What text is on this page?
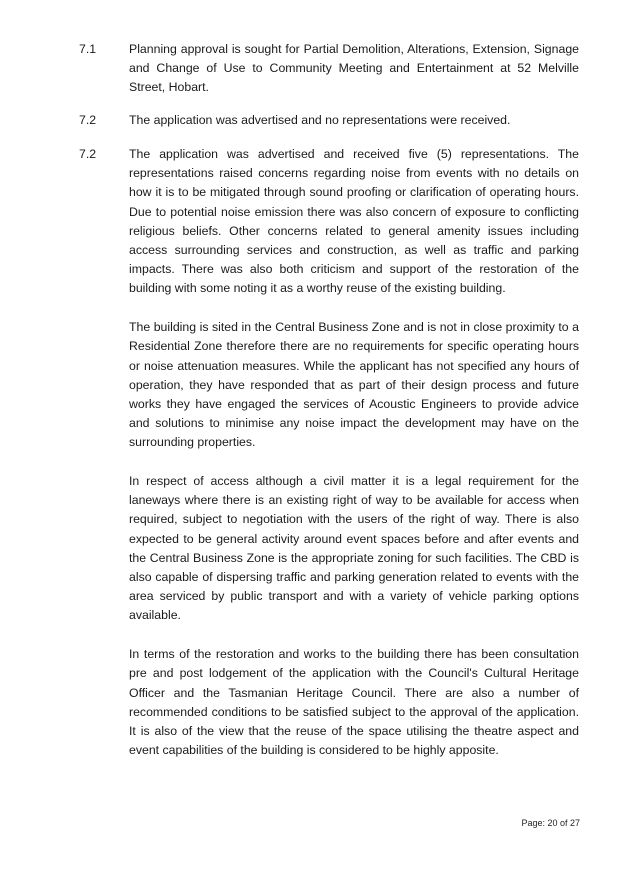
7.1	Planning approval is sought for Partial Demolition, Alterations, Extension, Signage and Change of Use to Community Meeting and Entertainment at 52 Melville Street, Hobart.

7.2	The application was advertised and no representations were received.

7.2	The application was advertised and received five (5) representations. The representations raised concerns regarding noise from events with no details on how it is to be mitigated through sound proofing or clarification of operating hours. Due to potential noise emission there was also concern of exposure to conflicting religious beliefs. Other concerns related to general amenity issues including access surrounding services and construction, as well as traffic and parking impacts. There was also both criticism and support of the restoration of the building with some noting it as a worthy reuse of the existing building.

The building is sited in the Central Business Zone and is not in close proximity to a Residential Zone therefore there are no requirements for specific operating hours or noise attenuation measures. While the applicant has not specified any hours of operation, they have responded that as part of their design process and future works they have engaged the services of Acoustic Engineers to provide advice and solutions to minimise any noise impact the development may have on the surrounding properties.

In respect of access although a civil matter it is a legal requirement for the laneways where there is an existing right of way to be available for access when required, subject to negotiation with the users of the right of way. There is also expected to be general activity around event spaces before and after events and the Central Business Zone is the appropriate zoning for such facilities. The CBD is also capable of dispersing traffic and parking generation related to events with the area serviced by public transport and with a variety of vehicle parking options available.

In terms of the restoration and works to the building there has been consultation pre and post lodgement of the application with the Council's Cultural Heritage Officer and the Tasmanian Heritage Council. There are also a number of recommended conditions to be satisfied subject to the approval of the application. It is also of the view that the reuse of the space utilising the theatre aspect and event capabilities of the building is considered to be highly apposite.

Page: 20 of 27
